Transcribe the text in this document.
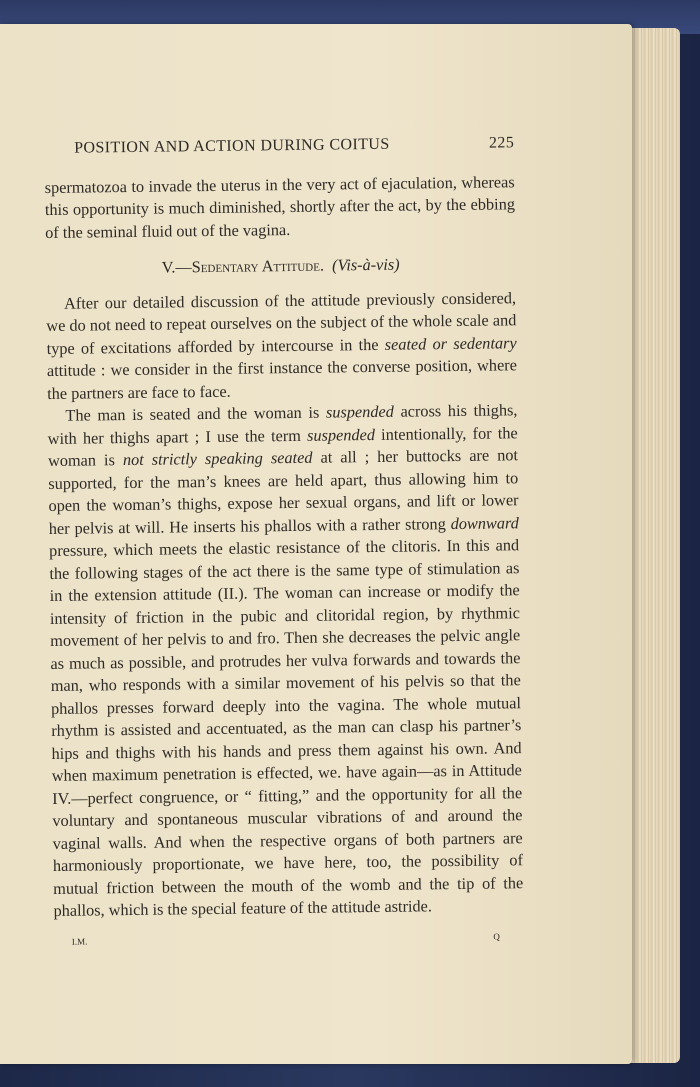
POSITION AND ACTION DURING COITUS	225

spermatozoa to invade the uterus in the very act of ejaculation, whereas this opportunity is much diminished, shortly after the act, by the ebbing of the seminal fluid out of the vagina.

V.—Sedentary Attitude. (Vis-à-vis)

After our detailed discussion of the attitude previously considered, we do not need to repeat ourselves on the subject of the whole scale and type of excitations afforded by intercourse in the seated or sedentary attitude : we consider in the first instance the converse position, where the partners are face to face.

The man is seated and the woman is suspended across his thighs, with her thighs apart ; I use the term suspended intentionally, for the woman is not strictly speaking seated at all ; her buttocks are not supported, for the man’s knees are held apart, thus allowing him to open the woman’s thighs, expose her sexual organs, and lift or lower her pelvis at will. He inserts his phallos with a rather strong downward pressure, which meets the elastic resistance of the clitoris. In this and the following stages of the act there is the same type of stimulation as in the extension attitude (II.). The woman can increase or modify the intensity of friction in the pubic and clitoridal region, by rhythmic movement of her pelvis to and fro. Then she decreases the pelvic angle as much as possible, and protrudes her vulva forwards and towards the man, who responds with a similar movement of his pelvis so that the phallos presses forward deeply into the vagina. The whole mutual rhythm is assisted and accentuated, as the man can clasp his partner’s hips and thighs with his hands and press them against his own. And when maximum penetration is effected, we. have again—as in Attitude IV.—perfect congruence, or “ fitting,” and the opportunity for all the voluntary and spontaneous muscular vibrations of and around the vaginal walls. And when the respective organs of both partners are harmoniously proportionate, we have here, too, the possibility of mutual friction between the mouth of the womb and the tip of the phallos, which is the special feature of the attitude astride.

I.M.
Q
